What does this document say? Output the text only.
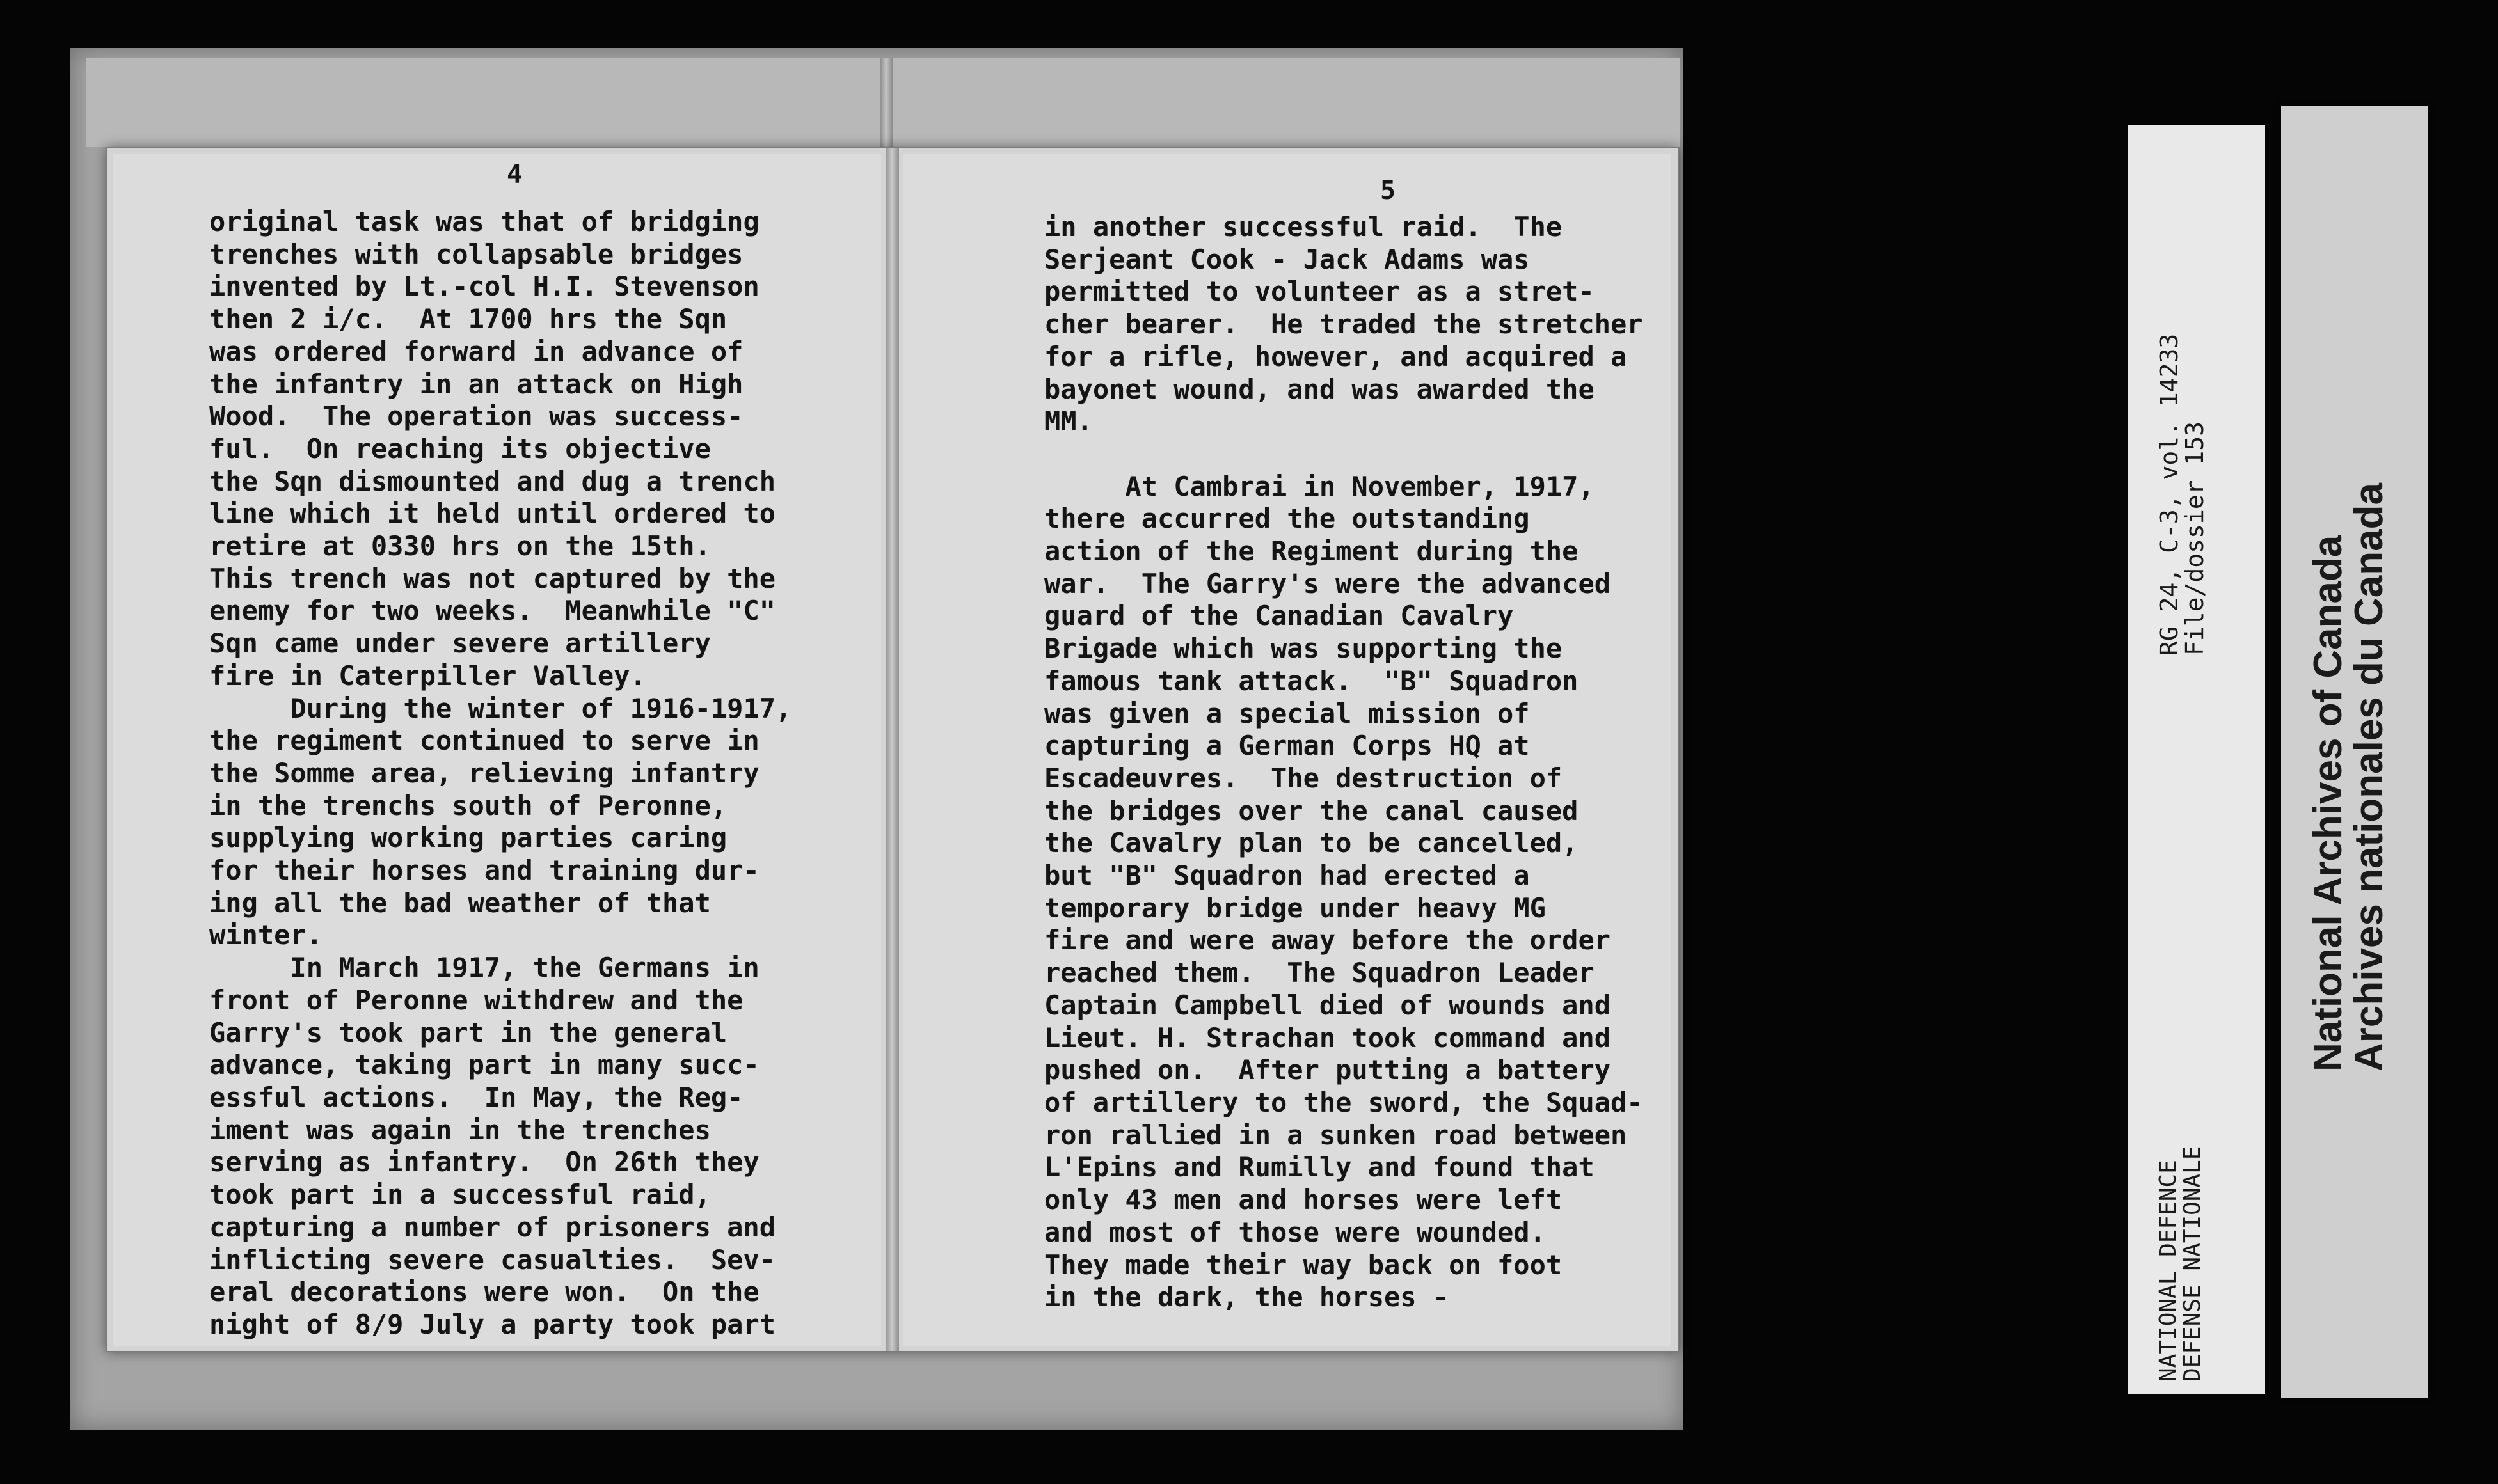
4
original task was that of bridging
trenches with collapsable bridges
invented by Lt.-col H.I. Stevenson
then 2 i/c.  At 1700 hrs the Sqn
was ordered forward in advance of
the infantry in an attack on High
Wood.  The operation was success-
ful.  On reaching its objective
the Sqn dismounted and dug a trench
line which it held until ordered to
retire at 0330 hrs on the 15th.
This trench was not captured by the
enemy for two weeks.  Meanwhile "C"
Sqn came under severe artillery
fire in Caterpiller Valley.
During the winter of 1916-1917,
the regiment continued to serve in
the Somme area, relieving infantry
in the trenchs south of Peronne,
supplying working parties caring
for their horses and training dur-
ing all the bad weather of that
winter.
In March 1917, the Germans in
front of Peronne withdrew and the
Garry's took part in the general
advance, taking part in many succ-
essful actions.  In May, the Reg-
iment was again in the trenches
serving as infantry.  On 26th they
took part in a successful raid,
capturing a number of prisoners and
inflicting severe casualties.  Sev-
eral decorations were won.  On the
night of 8/9 July a party took part
5
in another successful raid.  The
Serjeant Cook - Jack Adams was
permitted to volunteer as a stret-
cher bearer.  He traded the stretcher
for a rifle, however, and acquired a
bayonet wound, and was awarded the
MM.

At Cambrai in November, 1917,
there accurred the outstanding
action of the Regiment during the
war.  The Garry's were the advanced
guard of the Canadian Cavalry
Brigade which was supporting the
famous tank attack.  "B" Squadron
was given a special mission of
capturing a German Corps HQ at
Escadeuvres.  The destruction of
the bridges over the canal caused
the Cavalry plan to be cancelled,
but "B" Squadron had erected a
temporary bridge under heavy MG
fire and were away before the order
reached them.  The Squadron Leader
Captain Campbell died of wounds and
Lieut. H. Strachan took command and
pushed on.  After putting a battery
of artillery to the sword, the Squad-
ron rallied in a sunken road between
L'Epins and Rumilly and found that
only 43 men and horses were left
and most of those were wounded.
They made their way back on foot
in the dark, the horses -
RG 24, C-3, vol. 14233
File/dossier 153
NATIONAL DEFENCE
DEFENSE NATIONALE
National Archives of Canada
Archives nationales du Canada
